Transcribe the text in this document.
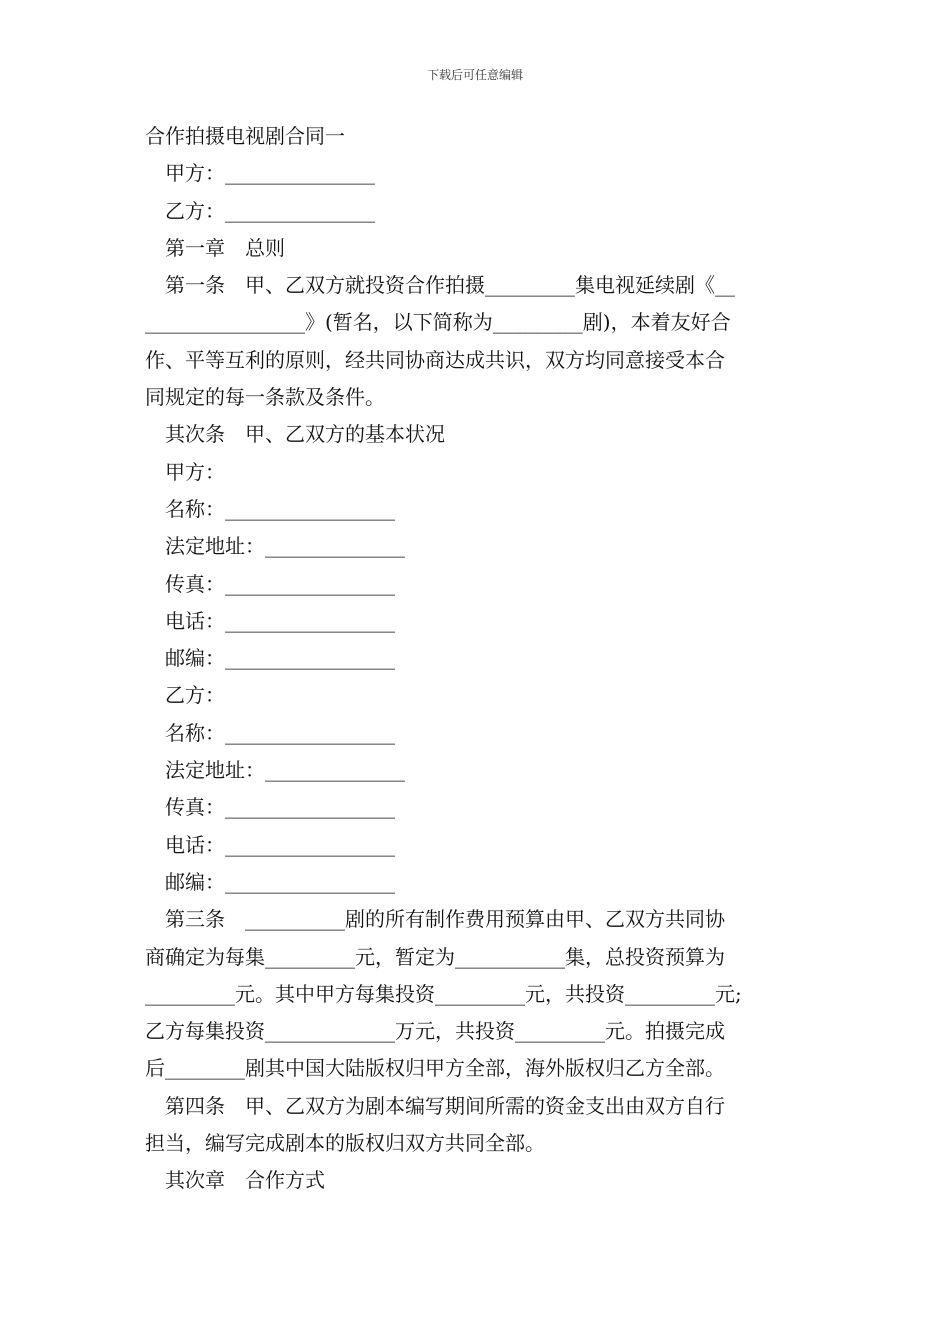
下载后可任意编辑
合作拍摄电视剧合同一
甲方：_______________
乙方：_______________
第一章　总则
第一条　甲、乙双方就投资合作拍摄_________集电视延续剧《__
________________》(暂名，以下简称为_________剧)，本着友好合
作、平等互利的原则，经共同协商达成共识，双方均同意接受本合
同规定的每一条款及条件。
其次条　甲、乙双方的基本状况
甲方：
名称：_________________
法定地址：______________
传真：_________________
电话：_________________
邮编：_________________
乙方：
名称：_________________
法定地址：______________
传真：_________________
电话：_________________
邮编：_________________
第三条　__________剧的所有制作费用预算由甲、乙双方共同协
商确定为每集_________元，暂定为___________集，总投资预算为
_________元。其中甲方每集投资_________元，共投资_________元;
乙方每集投资_____________万元，共投资_________元。拍摄完成
后________剧其中国大陆版权归甲方全部，海外版权归乙方全部。
第四条　甲、乙双方为剧本编写期间所需的资金支出由双方自行
担当，编写完成剧本的版权归双方共同全部。
其次章　合作方式
